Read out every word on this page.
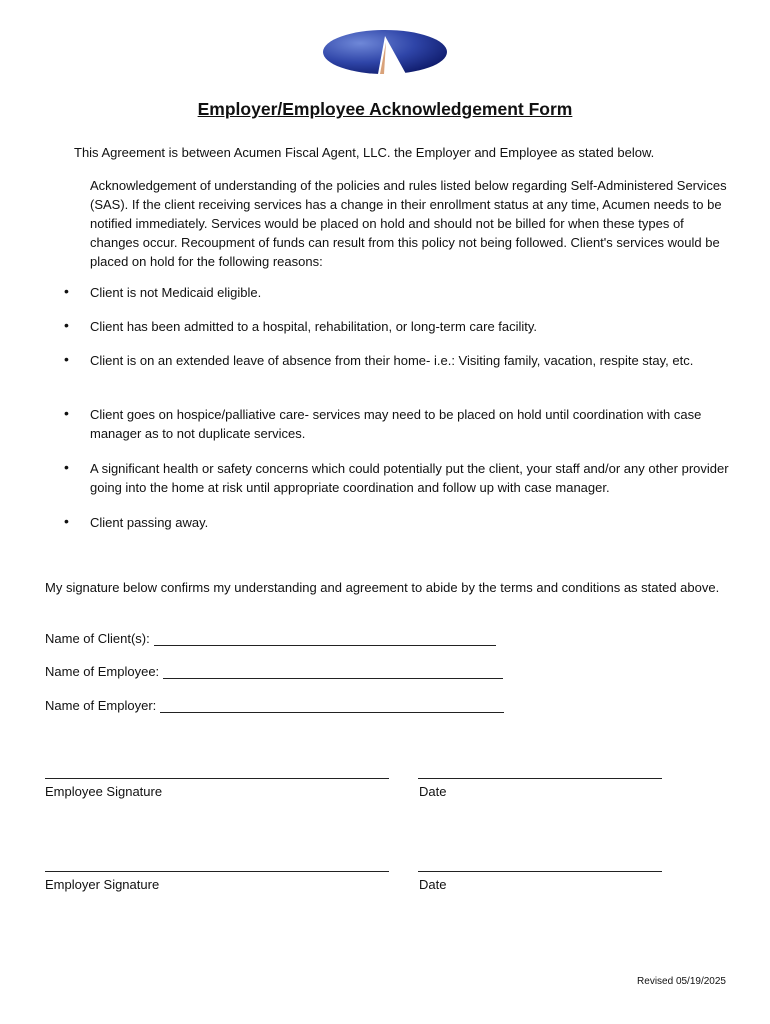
Employer/Employee Acknowledgement Form
This Agreement is between Acumen Fiscal Agent, LLC. the Employer and Employee as stated below.
Acknowledgement of understanding of the policies and rules listed below regarding Self-Administered Services (SAS). If the client receiving services has a change in their enrollment status at any time, Acumen needs to be notified immediately. Services would be placed on hold and should not be billed for when these types of changes occur. Recoupment of funds can result from this policy not being followed. Client's services would be placed on hold for the following reasons:
• Client is not Medicaid eligible.
• Client has been admitted to a hospital, rehabilitation, or long-term care facility.
• Client is on an extended leave of absence from their home- i.e.: Visiting family, vacation, respite stay, etc.
• Client goes on hospice/palliative care- services may need to be placed on hold until coordination with case manager as to not duplicate services.
• A significant health or safety concerns which could potentially put the client, your staff and/or any other provider going into the home at risk until appropriate coordination and follow up with case manager.
• Client passing away.
My signature below confirms my understanding and agreement to abide by the terms and conditions as stated above.
Name of Client(s):
Name of Employee:
Name of Employer:
Employee Signature	Date
Employer Signature	Date
Revised 05/19/2025
